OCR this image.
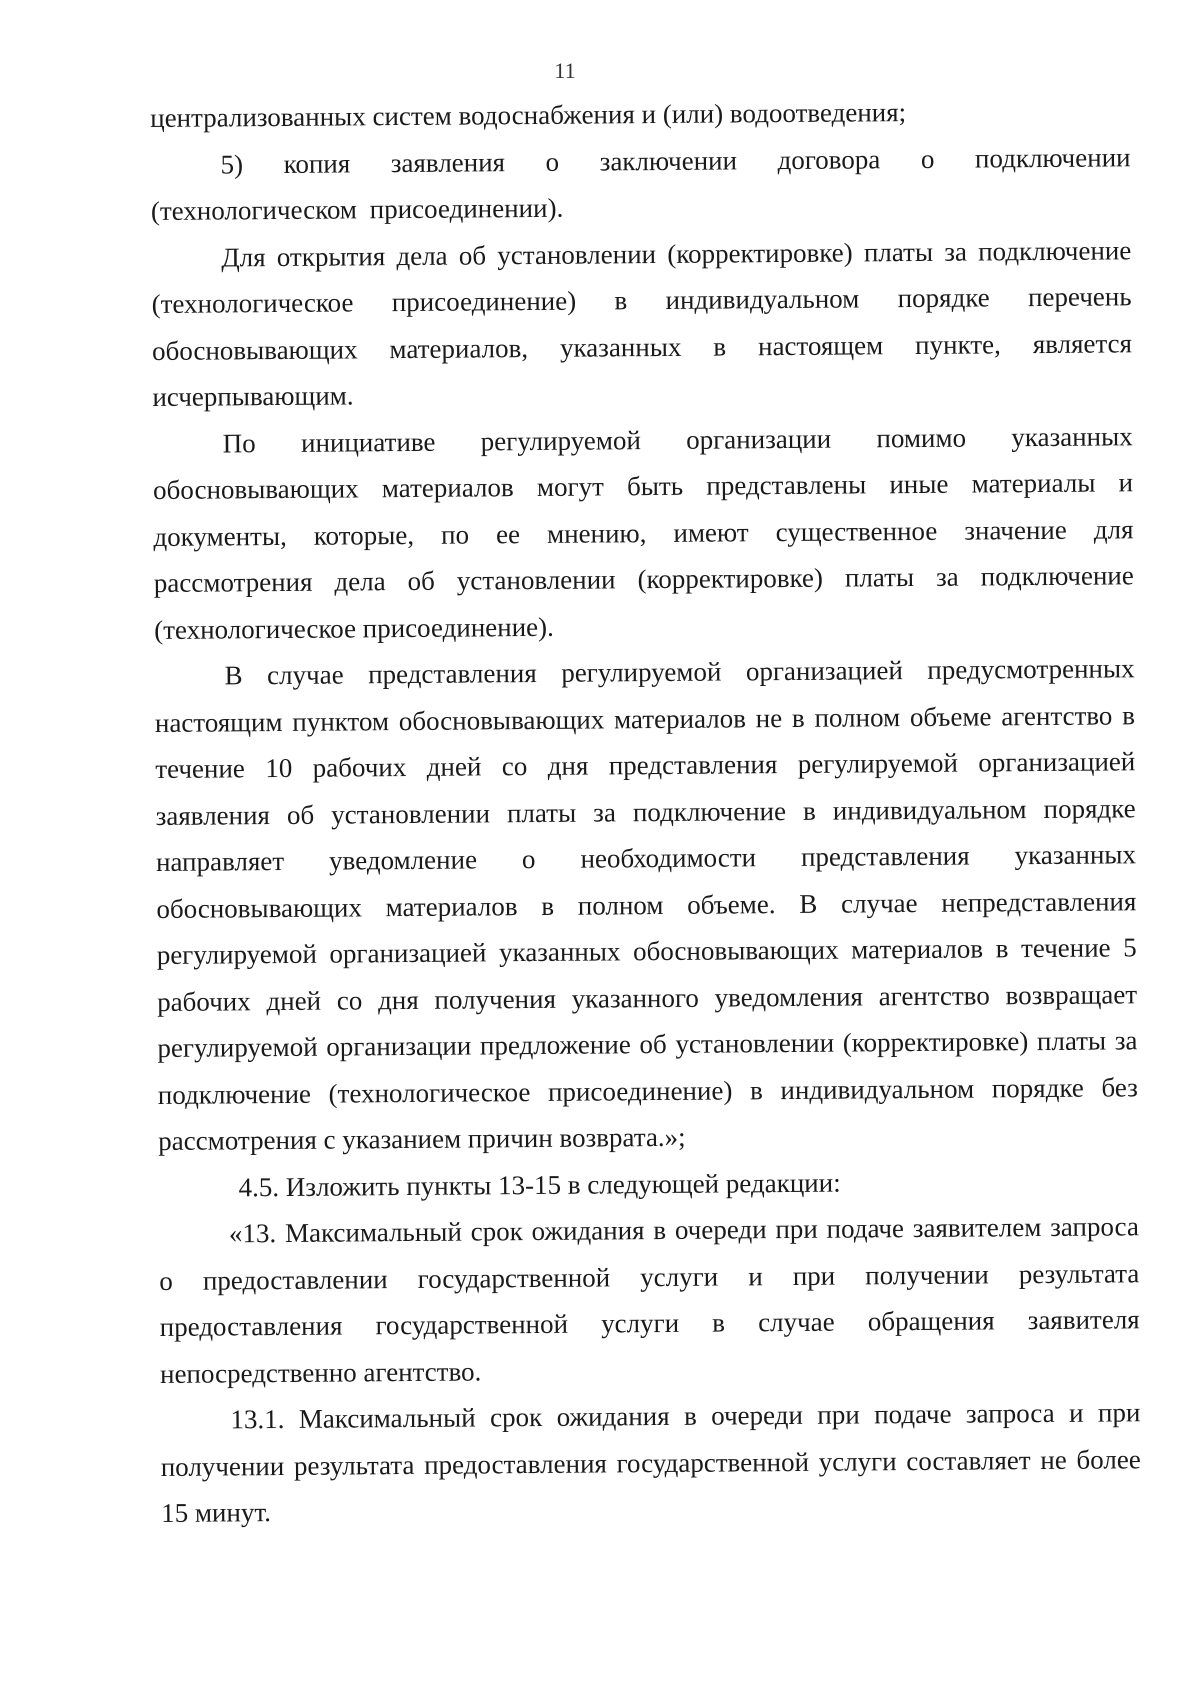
11

централизованных систем водоснабжения и (или) водоотведения;

5) копия заявления о заключении договора о подключении (технологическом присоединении).

Для открытия дела об установлении (корректировке) платы за подключение (технологическое присоединение) в индивидуальном порядке перечень обосновывающих материалов, указанных в настоящем пункте, является исчерпывающим.

По инициативе регулируемой организации помимо указанных обосновывающих материалов могут быть представлены иные материалы и документы, которые, по ее мнению, имеют существенное значение для рассмотрения дела об установлении (корректировке) платы за подключение (технологическое присоединение).

В случае представления регулируемой организацией предусмотренных настоящим пунктом обосновывающих материалов не в полном объеме агентство в течение 10 рабочих дней со дня представления регулируемой организацией заявления об установлении платы за подключение в индивидуальном порядке направляет уведомление о необходимости представления указанных обосновывающих материалов в полном объеме. В случае непредставления регулируемой организацией указанных обосновывающих материалов в течение 5 рабочих дней со дня получения указанного уведомления агентство возвращает регулируемой организации предложение об установлении (корректировке) платы за подключение (технологическое присоединение) в индивидуальном порядке без рассмотрения с указанием причин возврата.»;

4.5. Изложить пункты 13-15 в следующей редакции:

«13. Максимальный срок ожидания в очереди при подаче заявителем запроса о предоставлении государственной услуги и при получении результата предоставления государственной услуги в случае обращения заявителя непосредственно агентство.

13.1. Максимальный срок ожидания в очереди при подаче запроса и при получении результата предоставления государственной услуги составляет не более 15 минут.
